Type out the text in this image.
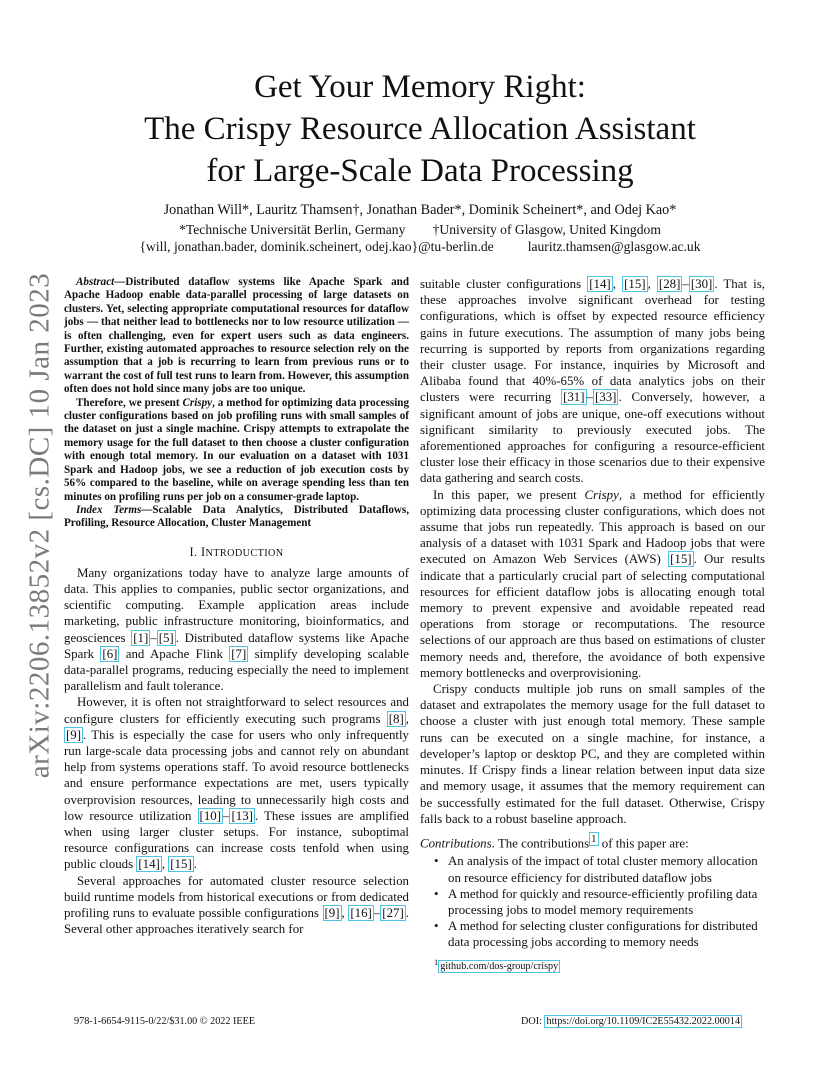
arXiv:2206.13852v2 [cs.DC] 10 Jan 2023
Get Your Memory Right:
The Crispy Resource Allocation Assistant
for Large-Scale Data Processing
Jonathan Will*, Lauritz Thamsen†, Jonathan Bader*, Dominik Scheinert*, and Odej Kao*
*Technische Universität Berlin, Germany        †University of Glasgow, United Kingdom
{will, jonathan.bader, dominik.scheinert, odej.kao}@tu-berlin.de	lauritz.thamsen@glasgow.ac.uk

Abstract—Distributed dataflow systems like Apache Spark and Apache Hadoop enable data-parallel processing of large datasets on clusters. Yet, selecting appropriate computational resources for dataflow jobs — that neither lead to bottlenecks nor to low resource utilization — is often challenging, even for expert users such as data engineers. Further, existing automated approaches to resource selection rely on the assumption that a job is recurring to learn from previous runs or to warrant the cost of full test runs to learn from. However, this assumption often does not hold since many jobs are too unique.

Therefore, we present Crispy, a method for optimizing data processing cluster configurations based on job profiling runs with small samples of the dataset on just a single machine. Crispy attempts to extrapolate the memory usage for the full dataset to then choose a cluster configuration with enough total memory. In our evaluation on a dataset with 1031 Spark and Hadoop jobs, we see a reduction of job execution costs by 56% compared to the baseline, while on average spending less than ten minutes on profiling runs per job on a consumer-grade laptop.

Index Terms—Scalable Data Analytics, Distributed Dataflows, Profiling, Resource Allocation, Cluster Management

I. INTRODUCTION

Many organizations today have to analyze large amounts of data. This applies to companies, public sector organizations, and scientific computing. Example application areas include marketing, public infrastructure monitoring, bioinformatics, and geosciences [1] – [5] . Distributed dataflow systems like Apache Spark [6] and Apache Flink [7] simplify developing scalable data-parallel programs, reducing especially the need to implement parallelism and fault tolerance.

However, it is often not straightforward to select resources and configure clusters for efficiently executing such programs [8] , [9] . This is especially the case for users who only infrequently run large-scale data processing jobs and cannot rely on abundant help from systems operations staff. To avoid resource bottlenecks and ensure performance expectations are met, users typically overprovision resources, leading to unnecessarily high costs and low resource utilization [10] – [13] . These issues are amplified when using larger cluster setups. For instance, suboptimal resource configurations can increase costs tenfold when using public clouds [14] , [15] .

Several approaches for automated cluster resource selection build runtime models from historical executions or from dedicated profiling runs to evaluate possible configurations [9] , [16] – [27] . Several other approaches iteratively search for

suitable cluster configurations [14] , [15] , [28] – [30] . That is, these approaches involve significant overhead for testing configurations, which is offset by expected resource efficiency gains in future executions. The assumption of many jobs being recurring is supported by reports from organizations regarding their cluster usage. For instance, inquiries by Microsoft and Alibaba found that 40%-65% of data analytics jobs on their clusters were recurring [31] – [33] . Conversely, however, a significant amount of jobs are unique, one-off executions without significant similarity to previously executed jobs. The aforementioned approaches for configuring a resource-efficient cluster lose their efficacy in those scenarios due to their expensive data gathering and search costs.

In this paper, we present Crispy, a method for efficiently optimizing data processing cluster configurations, which does not assume that jobs run repeatedly. This approach is based on our analysis of a dataset with 1031 Spark and Hadoop jobs that were executed on Amazon Web Services (AWS) [15] . Our results indicate that a particularly crucial part of selecting computational resources for efficient dataflow jobs is allocating enough total memory to prevent expensive and avoidable repeated read operations from storage or recomputations. The resource selections of our approach are thus based on estimations of cluster memory needs and, therefore, the avoidance of both expensive memory bottlenecks and overprovisioning.

Crispy conducts multiple job runs on small samples of the dataset and extrapolates the memory usage for the full dataset to choose a cluster with just enough total memory. These sample runs can be executed on a single machine, for instance, a developer’s laptop or desktop PC, and they are completed within minutes. If Crispy finds a linear relation between input data size and memory usage, it assumes that the memory requirement can be successfully estimated for the full dataset. Otherwise, Crispy falls back to a robust baseline approach.

Contributions. The contributions $^1$ of this paper are:
• An analysis of the impact of total cluster memory allocation on resource efficiency for distributed dataflow jobs
• A method for quickly and resource-efficiently profiling data processing jobs to model memory requirements
• A method for selecting cluster configurations for distributed data processing jobs according to memory needs
$^1$ github.com/dos-group/crispy
978-1-6654-9115-0/22/$31.00 © 2022 IEEE	DOI: https://doi.org/10.1109/IC2E55432.2022.00014
